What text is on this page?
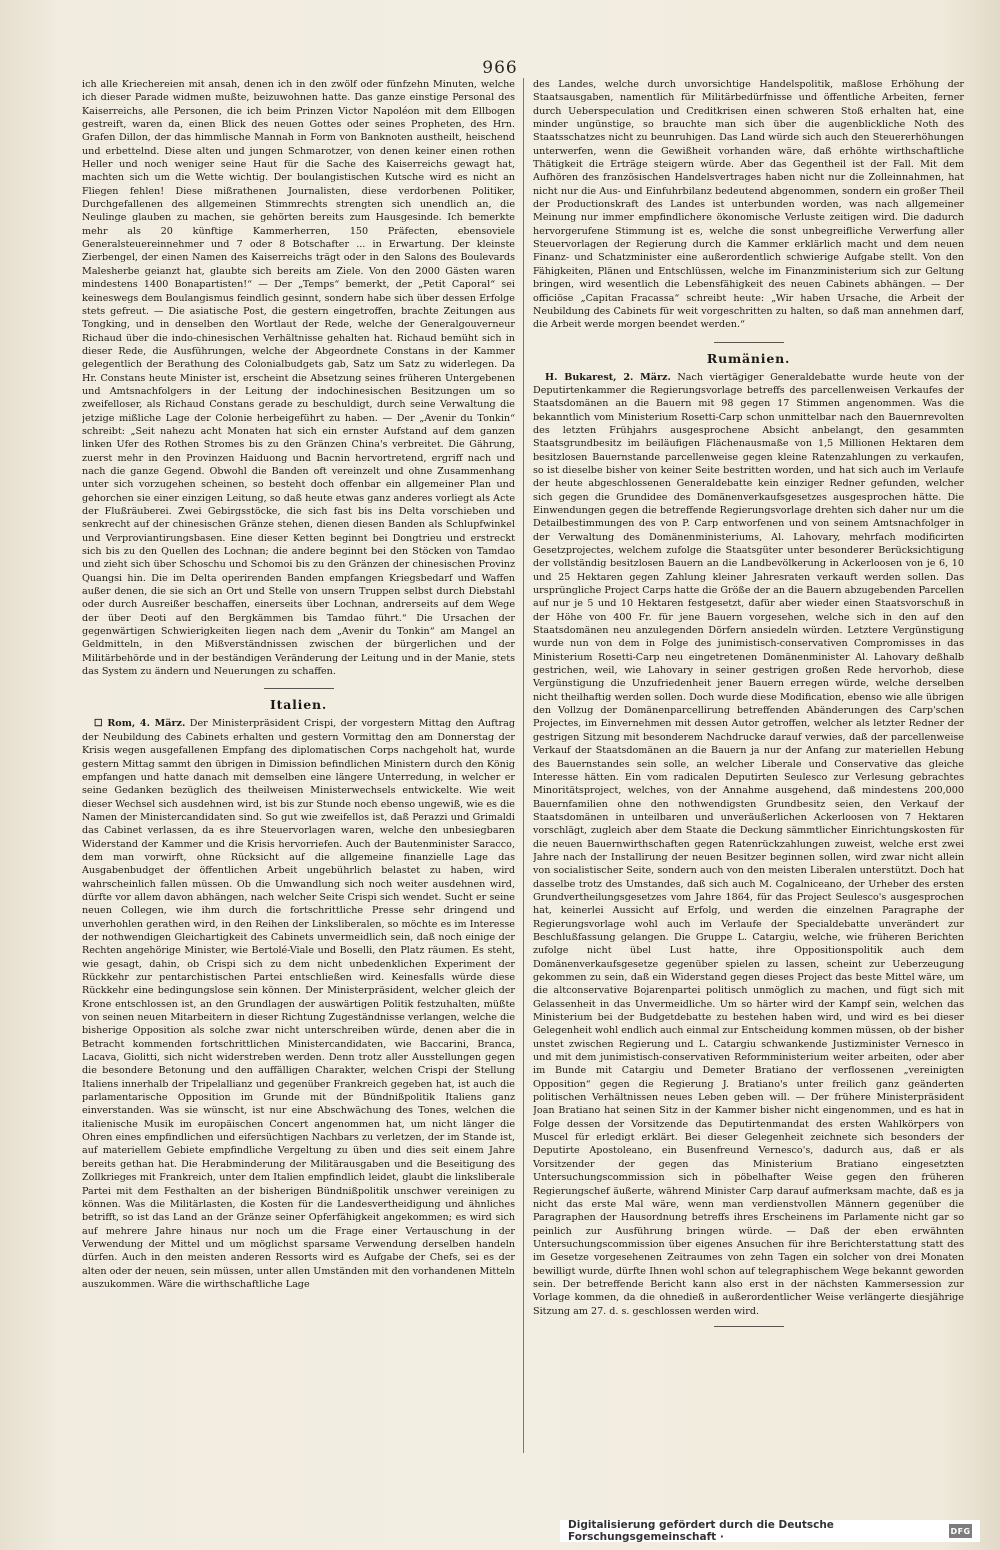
966

ich alle Kriechereien mit ansah, denen ich in den zwölf oder fünfzehn Minuten, welche ich dieser Parade widmen mußte, beizuwohnen hatte. Das ganze einstige Personal des Kaiserreichs, alle Personen, die ich beim Prinzen Victor Napoléon mit dem Ellbogen gestreift, waren da, einen Blick des neuen Gottes oder seines Propheten, des Hrn. Grafen Dillon, der das himmlische Mannah in Form von Banknoten austheilt, heischend und erbettelnd. Diese alten und jungen Schmarotzer, von denen keiner einen rothen Heller und noch weniger seine Haut für die Sache des Kaiserreichs gewagt hat, machten sich um die Wette wichtig. Der boulangistischen Kutsche wird es nicht an Fliegen fehlen! Diese mißrathenen Journalisten, diese verdorbenen Politiker, Durchgefallenen des allgemeinen Stimmrechts strengten sich unendlich an, die Neulinge glauben zu machen, sie gehörten bereits zum Hausgesinde. Ich bemerkte mehr als 20 künftige Kammerherren, 150 Präfecten, ebensoviele Generalsteuereinnehmer und 7 oder 8 Botschafter ... in Erwartung. Der kleinste Zierbengel, der einen Namen des Kaiserreichs trägt oder in den Salons des Boulevards Malesherbe geianzt hat, glaubte sich bereits am Ziele. Von den 2000 Gästen waren mindestens 1400 Bonapartisten!“ — Der „Temps“ bemerkt, der „Petit Caporal“ sei keineswegs dem Boulangismus feindlich gesinnt, sondern habe sich über dessen Erfolge stets gefreut. — Die asiatische Post, die gestern eingetroffen, brachte Zeitungen aus Tongking, und in denselben den Wortlaut der Rede, welche der Generalgouverneur Richaud über die indo-chinesischen Verhältnisse gehalten hat. Richaud bemüht sich in dieser Rede, die Ausführungen, welche der Abgeordnete Constans in der Kammer gelegentlich der Berathung des Colonialbudgets gab, Satz um Satz zu widerlegen. Da Hr. Constans heute Minister ist, erscheint die Absetzung seines früheren Untergebenen und Amtsnachfolgers in der Leitung der indochinesischen Besitzungen um so zweifelloser, als Richaud Constans gerade zu beschuldigt, durch seine Verwaltung die jetzige mißliche Lage der Colonie herbeigeführt zu haben. — Der „Avenir du Tonkin“ schreibt: „Seit nahezu acht Monaten hat sich ein ernster Aufstand auf dem ganzen linken Ufer des Rothen Stromes bis zu den Gränzen China's verbreitet. Die Gährung, zuerst mehr in den Provinzen Haiduong und Bacnin hervortretend, ergriff nach und nach die ganze Gegend. Obwohl die Banden oft vereinzelt und ohne Zusammenhang unter sich vorzugehen scheinen, so besteht doch offenbar ein allgemeiner Plan und gehorchen sie einer einzigen Leitung, so daß heute etwas ganz anderes vorliegt als Acte der Flußräuberei. Zwei Gebirgsstöcke, die sich fast bis ins Delta vorschieben und senkrecht auf der chinesischen Gränze stehen, dienen diesen Banden als Schlupfwinkel und Verproviantirungsbasen. Eine dieser Ketten beginnt bei Dongtrieu und erstreckt sich bis zu den Quellen des Lochnan; die andere beginnt bei den Stöcken von Tamdao und zieht sich über Schoschu und Schomoi bis zu den Gränzen der chinesischen Provinz Quangsi hin. Die im Delta operirenden Banden empfangen Kriegsbedarf und Waffen außer denen, die sie sich an Ort und Stelle von unsern Truppen selbst durch Diebstahl oder durch Ausreißer beschaffen, einerseits über Lochnan, andrerseits auf dem Wege der über Deoti auf den Bergkämmen bis Tamdao führt.“ Die Ursachen der gegenwärtigen Schwierigkeiten liegen nach dem „Avenir du Tonkin“ am Mangel an Geldmitteln, in den Mißverständnissen zwischen der bürgerlichen und der Militärbehörde und in der beständigen Veränderung der Leitung und in der Manie, stets das System zu ändern und Neuerungen zu schaffen.

Italien.

☐ Rom, 4. März. Der Ministerpräsident Crispi, der vorgestern Mittag den Auftrag der Neubildung des Cabinets erhalten und gestern Vormittag den am Donnerstag der Krisis wegen ausgefallenen Empfang des diplomatischen Corps nachgeholt hat, wurde gestern Mittag sammt den übrigen in Dimission befindlichen Ministern durch den König empfangen und hatte danach mit demselben eine längere Unterredung, in welcher er seine Gedanken bezüglich des theilweisen Ministerwechsels entwickelte. Wie weit dieser Wechsel sich ausdehnen wird, ist bis zur Stunde noch ebenso ungewiß, wie es die Namen der Ministercandidaten sind. So gut wie zweifellos ist, daß Perazzi und Grimaldi das Cabinet verlassen, da es ihre Steuervorlagen waren, welche den unbesiegbaren Widerstand der Kammer und die Krisis hervorriefen. Auch der Bautenminister Saracco, dem man vorwirft, ohne Rücksicht auf die allgemeine finanzielle Lage das Ausgabenbudget der öffentlichen Arbeit ungebührlich belastet zu haben, wird wahrscheinlich fallen müssen. Ob die Umwandlung sich noch weiter ausdehnen wird, dürfte vor allem davon abhängen, nach welcher Seite Crispi sich wendet. Sucht er seine neuen Collegen, wie ihm durch die fortschrittliche Presse sehr dringend und unverhohlen gerathen wird, in den Reihen der Linksliberalen, so möchte es im Interesse der nothwendigen Gleichartigkeit des Cabinets unvermeidlich sein, daß noch einige der Rechten angehörige Minister, wie Bertolé-Viale und Boselli, den Platz räumen. Es steht, wie gesagt, dahin, ob Crispi sich zu dem nicht unbedenklichen Experiment der Rückkehr zur pentarchistischen Partei entschließen wird. Keinesfalls würde diese Rückkehr eine bedingungslose sein können. Der Ministerpräsident, welcher gleich der Krone entschlossen ist, an den Grundlagen der auswärtigen Politik festzuhalten, müßte von seinen neuen Mitarbeitern in dieser Richtung Zugeständnisse verlangen, welche die bisherige Opposition als solche zwar nicht unterschreiben würde, denen aber die in Betracht kommenden fortschrittlichen Ministercandidaten, wie Baccarini, Branca, Lacava, Giolitti, sich nicht widerstreben werden. Denn trotz aller Ausstellungen gegen die besondere Betonung und den auffälligen Charakter, welchen Crispi der Stellung Italiens innerhalb der Tripelallianz und gegenüber Frankreich gegeben hat, ist auch die parlamentarische Opposition im Grunde mit der Bündnißpolitik Italiens ganz einverstanden. Was sie wünscht, ist nur eine Abschwächung des Tones, welchen die italienische Musik im europäischen Concert angenommen hat, um nicht länger die Ohren eines empfindlichen und eifersüchtigen Nachbars zu verletzen, der im Stande ist, auf materiellem Gebiete empfindliche Vergeltung zu üben und dies seit einem Jahre bereits gethan hat. Die Herabminderung der Militärausgaben und die Beseitigung des Zollkrieges mit Frankreich, unter dem Italien empfindlich leidet, glaubt die linksliberale Partei mit dem Festhalten an der bisherigen Bündnißpolitik unschwer vereinigen zu können. Was die Militärlasten, die Kosten für die Landesvertheidigung und ähnliches betrifft, so ist das Land an der Gränze seiner Opferfähigkeit angekommen; es wird sich auf mehrere Jahre hinaus nur noch um die Frage einer Vertauschung in der Verwendung der Mittel und um möglichst sparsame Verwendung derselben handeln dürfen. Auch in den meisten anderen Ressorts wird es Aufgabe der Chefs, sei es der alten oder der neuen, sein müssen, unter allen Umständen mit den vorhandenen Mitteln auszukommen. Wäre die wirthschaftliche Lage

des Landes, welche durch unvorsichtige Handelspolitik, maßlose Erhöhung der Staatsausgaben, namentlich für Militärbedürfnisse und öffentliche Arbeiten, ferner durch Ueberspeculation und Creditkrisen einen schweren Stoß erhalten hat, eine minder ungünstige, so brauchte man sich über die augenblickliche Noth des Staatsschatzes nicht zu beunruhigen. Das Land würde sich auch den Steuererhöhungen unterwerfen, wenn die Gewißheit vorhanden wäre, daß erhöhte wirthschaftliche Thätigkeit die Erträge steigern würde. Aber das Gegentheil ist der Fall. Mit dem Aufhören des französischen Handelsvertrages haben nicht nur die Zolleinnahmen, hat nicht nur die Aus- und Einfuhrbilanz bedeutend abgenommen, sondern ein großer Theil der Productionskraft des Landes ist unterbunden worden, was nach allgemeiner Meinung nur immer empfindlichere ökonomische Verluste zeitigen wird. Die dadurch hervorgerufene Stimmung ist es, welche die sonst unbegreifliche Verwerfung aller Steuervorlagen der Regierung durch die Kammer erklärlich macht und dem neuen Finanz- und Schatzminister eine außerordentlich schwierige Aufgabe stellt. Von den Fähigkeiten, Plänen und Entschlüssen, welche im Finanzministerium sich zur Geltung bringen, wird wesentlich die Lebensfähigkeit des neuen Cabinets abhängen. — Der officiöse „Capitan Fracassa“ schreibt heute: „Wir haben Ursache, die Arbeit der Neubildung des Cabinets für weit vorgeschritten zu halten, so daß man annehmen darf, die Arbeit werde morgen beendet werden.“

Rumänien.

H. Bukarest, 2. März. Nach viertägiger Generaldebatte wurde heute von der Deputirtenkammer die Regierungsvorlage betreffs des parcellenweisen Verkaufes der Staatsdomänen an die Bauern mit 98 gegen 17 Stimmen angenommen. Was die bekanntlich vom Ministerium Rosetti-Carp schon unmittelbar nach den Bauernrevolten des letzten Frühjahrs ausgesprochene Absicht anbelangt, den gesammten Staatsgrundbesitz im beiläufigen Flächenausmaße von 1,5 Millionen Hektaren dem besitzlosen Bauernstande parcellenweise gegen kleine Ratenzahlungen zu verkaufen, so ist dieselbe bisher von keiner Seite bestritten worden, und hat sich auch im Verlaufe der heute abgeschlossenen Generaldebatte kein einziger Redner gefunden, welcher sich gegen die Grundidee des Domänenverkaufsgesetzes ausgesprochen hätte. Die Einwendungen gegen die betreffende Regierungsvorlage drehten sich daher nur um die Detailbestimmungen des von P. Carp entworfenen und von seinem Amtsnachfolger in der Verwaltung des Domänenministeriums, Al. Lahovary, mehrfach modificirten Gesetzprojectes, welchem zufolge die Staatsgüter unter besonderer Berücksichtigung der vollständig besitzlosen Bauern an die Landbevölkerung in Ackerloosen von je 6, 10 und 25 Hektaren gegen Zahlung kleiner Jahresraten verkauft werden sollen. Das ursprüngliche Project Carps hatte die Größe der an die Bauern abzugebenden Parcellen auf nur je 5 und 10 Hektaren festgesetzt, dafür aber wieder einen Staatsvorschuß in der Höhe von 400 Fr. für jene Bauern vorgesehen, welche sich in den auf den Staatsdomänen neu anzulegenden Dörfern ansiedeln würden. Letztere Vergünstigung wurde nun von dem in Folge des junimistisch-conservativen Compromisses in das Ministerium Rosetti-Carp neu eingetretenen Domänenminister Al. Lahovary deßhalb gestrichen, weil, wie Lahovary in seiner gestrigen großen Rede hervorhob, diese Vergünstigung die Unzufriedenheit jener Bauern erregen würde, welche derselben nicht theilhaftig werden sollen. Doch wurde diese Modification, ebenso wie alle übrigen den Vollzug der Domänenparcellirung betreffenden Abänderungen des Carp'schen Projectes, im Einvernehmen mit dessen Autor getroffen, welcher als letzter Redner der gestrigen Sitzung mit besonderem Nachdrucke darauf verwies, daß der parcellenweise Verkauf der Staatsdomänen an die Bauern ja nur der Anfang zur materiellen Hebung des Bauernstandes sein solle, an welcher Liberale und Conservative das gleiche Interesse hätten. Ein vom radicalen Deputirten Seulesco zur Verlesung gebrachtes Minoritätsproject, welches, von der Annahme ausgehend, daß mindestens 200,000 Bauernfamilien ohne den nothwendigsten Grundbesitz seien, den Verkauf der Staatsdomänen in unteilbaren und unveräußerlichen Ackerloosen von 7 Hektaren vorschlägt, zugleich aber dem Staate die Deckung sämmtlicher Einrichtungskosten für die neuen Bauernwirthschaften gegen Ratenrückzahlungen zuweist, welche erst zwei Jahre nach der Installirung der neuen Besitzer beginnen sollen, wird zwar nicht allein von socialistischer Seite, sondern auch von den meisten Liberalen unterstützt. Doch hat dasselbe trotz des Umstandes, daß sich auch M. Cogalniceano, der Urheber des ersten Grundvertheilungsgesetzes vom Jahre 1864, für das Project Seulesco's ausgesprochen hat, keinerlei Aussicht auf Erfolg, und werden die einzelnen Paragraphe der Regierungsvorlage wohl auch im Verlaufe der Specialdebatte unverändert zur Beschlußfassung gelangen. Die Gruppe L. Catargiu, welche, wie früheren Berichten zufolge nicht übel Lust hatte, ihre Oppositionspolitik auch dem Domänenverkaufsgesetze gegenüber spielen zu lassen, scheint zur Ueberzeugung gekommen zu sein, daß ein Widerstand gegen dieses Project das beste Mittel wäre, um die altconservative Bojarenpartei politisch unmöglich zu machen, und fügt sich mit Gelassenheit in das Unvermeidliche. Um so härter wird der Kampf sein, welchen das Ministerium bei der Budgetdebatte zu bestehen haben wird, und wird es bei dieser Gelegenheit wohl endlich auch einmal zur Entscheidung kommen müssen, ob der bisher unstet zwischen Regierung und L. Catargiu schwankende Justizminister Vernesco in und mit dem junimistisch-conservativen Reformministerium weiter arbeiten, oder aber im Bunde mit Catargiu und Demeter Bratiano der verflossenen „vereinigten Opposition“ gegen die Regierung J. Bratiano's unter freilich ganz geänderten politischen Verhältnissen neues Leben geben will. — Der frühere Ministerpräsident Joan Bratiano hat seinen Sitz in der Kammer bisher nicht eingenommen, und es hat in Folge dessen der Vorsitzende das Deputirtenmandat des ersten Wahlkörpers von Muscel für erledigt erklärt. Bei dieser Gelegenheit zeichnete sich besonders der Deputirte Apostoleano, ein Busenfreund Vernesco's, dadurch aus, daß er als Vorsitzender der gegen das Ministerium Bratiano eingesetzten Untersuchungscommission sich in pöbelhafter Weise gegen den früheren Regierungschef äußerte, während Minister Carp darauf aufmerksam machte, daß es ja nicht das erste Mal wäre, wenn man verdienstvollen Männern gegenüber die Paragraphen der Hausordnung betreffs ihres Erscheinens im Parlamente nicht gar so peinlich zur Ausführung bringen würde. — Daß der eben erwähnten Untersuchungscommission über eigenes Ansuchen für ihre Berichterstattung statt des im Gesetze vorgesehenen Zeitraumes von zehn Tagen ein solcher von drei Monaten bewilligt wurde, dürfte Ihnen wohl schon auf telegraphischem Wege bekannt geworden sein. Der betreffende Bericht kann also erst in der nächsten Kammersession zur Vorlage kommen, da die ohnedieß in außerordentlicher Weise verlängerte diesjährige Sitzung am 27. d. s. geschlossen werden wird.

Digitalisierung gefördert durch die Deutsche Forschungsgemeinschaft ·	DFG
